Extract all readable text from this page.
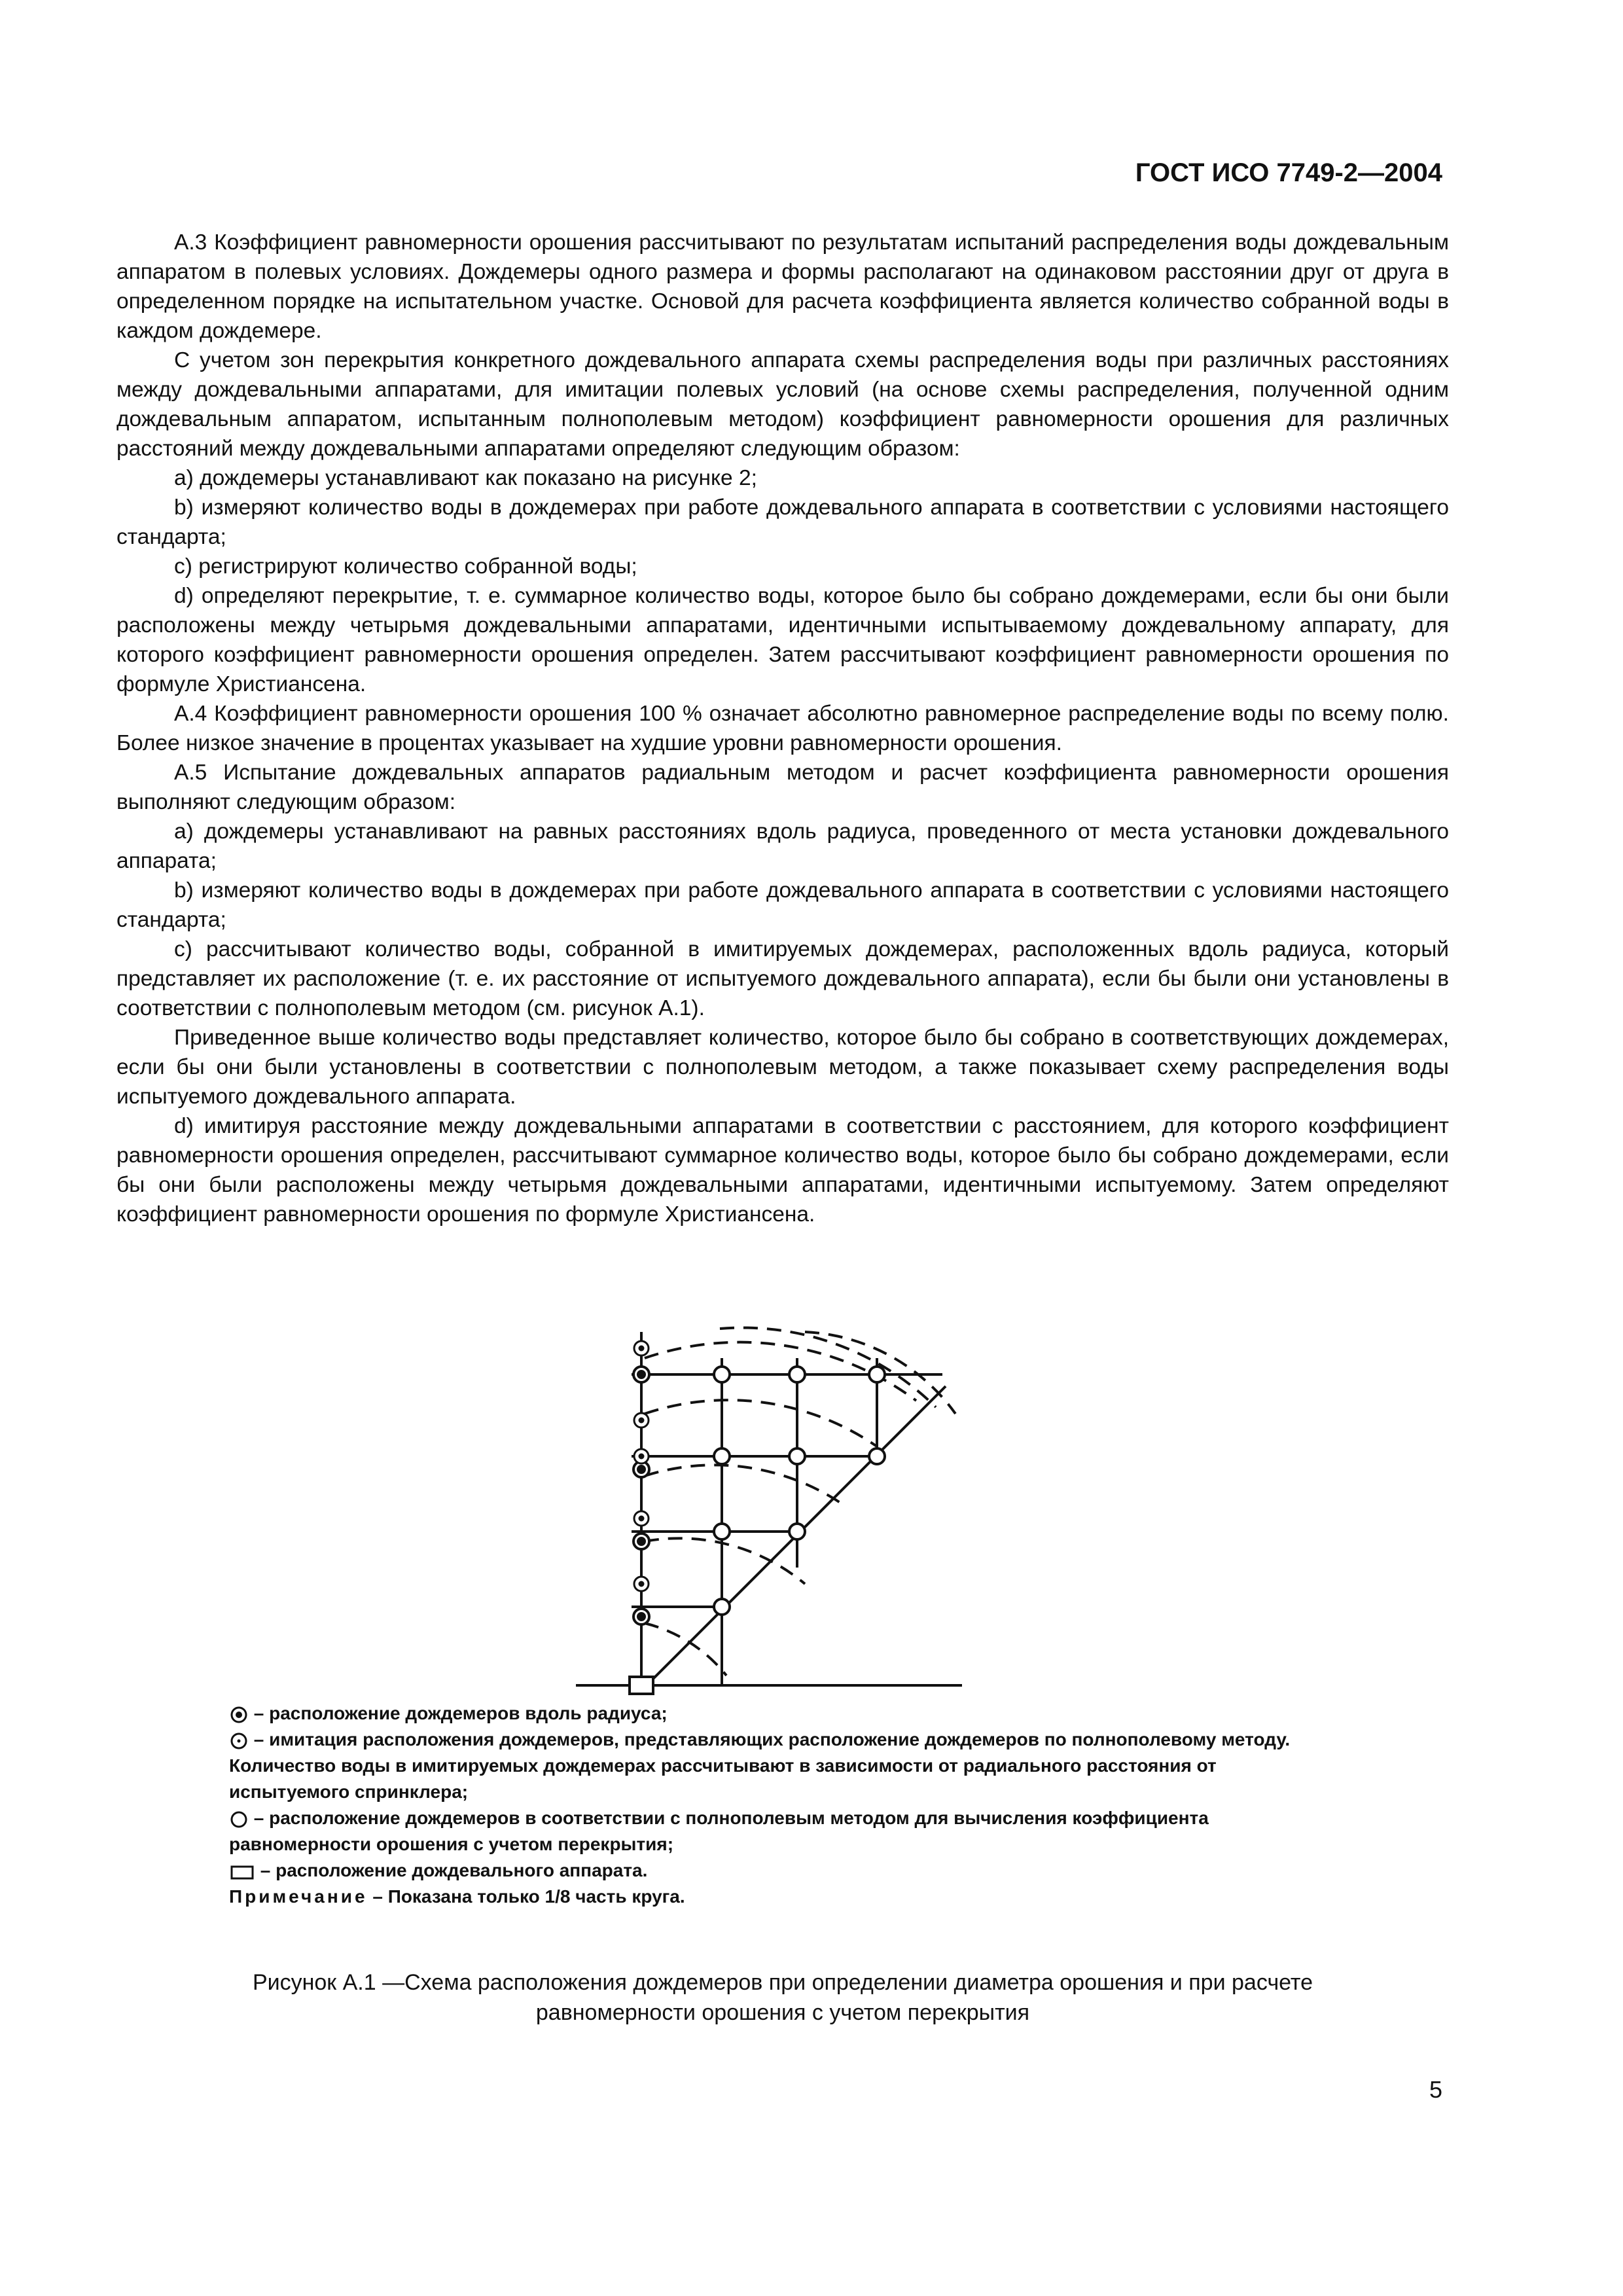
ГОСТ ИСО 7749-2—2004

А.3 Коэффициент равномерности орошения рассчитывают по результатам испытаний распределения воды дождевальным аппаратом в полевых условиях. Дождемеры одного размера и формы располагают на одинаковом расстоянии друг от друга в определенном порядке на испытательном участке. Основой для расчета коэффициента является количество собранной воды в каждом дождемере.

С учетом зон перекрытия конкретного дождевального аппарата схемы распределения воды при различных расстояниях между дождевальными аппаратами, для имитации полевых условий (на основе схемы распределения, полученной одним дождевальным аппаратом, испытанным полнополевым методом) коэффициент равномерности орошения для различных расстояний между дождевальными аппаратами определяют следующим образом:

а) дождемеры устанавливают как показано на рисунке 2;

b) измеряют количество воды в дождемерах при работе дождевального аппарата в соответствии с условиями настоящего стандарта;

c) регистрируют количество собранной воды;

d) определяют перекрытие, т. е. суммарное количество воды, которое было бы собрано дождемерами, если бы они были расположены между четырьмя дождевальными аппаратами, идентичными испытываемому дождевальному аппарату, для которого коэффициент равномерности орошения определен. Затем рассчитывают коэффициент равномерности орошения по формуле Христиансена.

А.4 Коэффициент равномерности орошения 100 % означает абсолютно равномерное распределение воды по всему полю. Более низкое значение в процентах указывает на худшие уровни равномерности орошения.

А.5 Испытание дождевальных аппаратов радиальным методом и расчет коэффициента равномерности орошения выполняют следующим образом:

а) дождемеры устанавливают на равных расстояниях вдоль радиуса, проведенного от места установки дождевального аппарата;

b) измеряют количество воды в дождемерах при работе дождевального аппарата в соответствии с условиями настоящего стандарта;

c) рассчитывают количество воды, собранной в имитируемых дождемерах, расположенных вдоль радиуса, который представляет их расположение (т. е. их расстояние от испытуемого дождевального аппарата), если бы были они установлены в соответствии с полнополевым методом (см. рисунок А.1).

Приведенное выше количество воды представляет количество, которое было бы собрано в соответствующих дождемерах, если бы они были установлены в соответствии с полнополевым методом, а также показывает схему распределения воды испытуемого дождевального аппарата.

d) имитируя расстояние между дождевальными аппаратами в соответствии с расстоянием, для которого коэффициент равномерности орошения определен, рассчитывают суммарное количество воды, которое было бы собрано дождемерами, если бы они были расположены между четырьмя дождевальными аппаратами, идентичными испытуемому. Затем определяют коэффициент равномерности орошения по формуле Христиансена.

– расположение дождемеров вдоль радиуса;

– имитация расположения дождемеров, представляющих расположение дождемеров по полнополевому методу. Количество воды в имитируемых дождемерах рассчитывают в зависимости от радиального расстояния от испытуемого спринклера;

– расположение дождемеров в соответствии с полнополевым методом для вычисления коэффициента равномерности орошения с учетом перекрытия;

– расположение дождевального аппарата.

Примечание – Показана только 1/8 часть круга.

Рисунок А.1 —Схема расположения дождемеров при определении диаметра орошения и при расчете
равномерности орошения с учетом перекрытия
5
